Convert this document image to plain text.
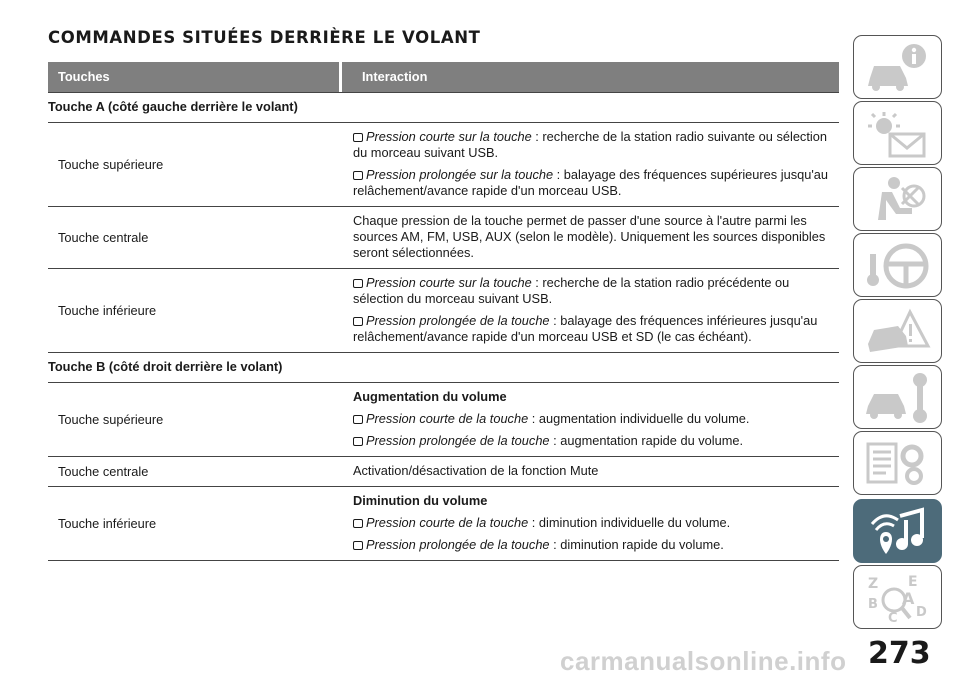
COMMANDES SITUÉES DERRIÈRE LE VOLANT
Touches	Interaction
Touche A (côté gauche derrière le volant)
Touche supérieure

Pression courte sur la touche : recherche de la station radio suivante ou sélection du morceau suivant USB.

Pression prolongée sur la touche : balayage des fréquences supérieures jusqu'au relâchement/avance rapide d'un morceau USB.

Touche centrale

Chaque pression de la touche permet de passer d'une source à l'autre parmi les sources AM, FM, USB, AUX (selon le modèle). Uniquement les sources disponibles seront sélectionnées.

Touche inférieure

Pression courte sur la touche : recherche de la station radio précédente ou sélection du morceau suivant USB.

Pression prolongée de la touche : balayage des fréquences inférieures jusqu'au relâchement/avance rapide d'un morceau USB et SD (le cas échéant).

Touche B (côté droit derrière le volant)
Touche supérieure

Augmentation du volume

Pression courte de la touche : augmentation individuelle du volume.

Pression prolongée de la touche : augmentation rapide du volume.

Touche centrale	Activation/désactivation de la fonction Mute

Touche inférieure

Diminution du volume

Pression courte de la touche : diminution individuelle du volume.

Pression prolongée de la touche : diminution rapide du volume.

Z E
B A
D
C
273
carmanualsonline.info
